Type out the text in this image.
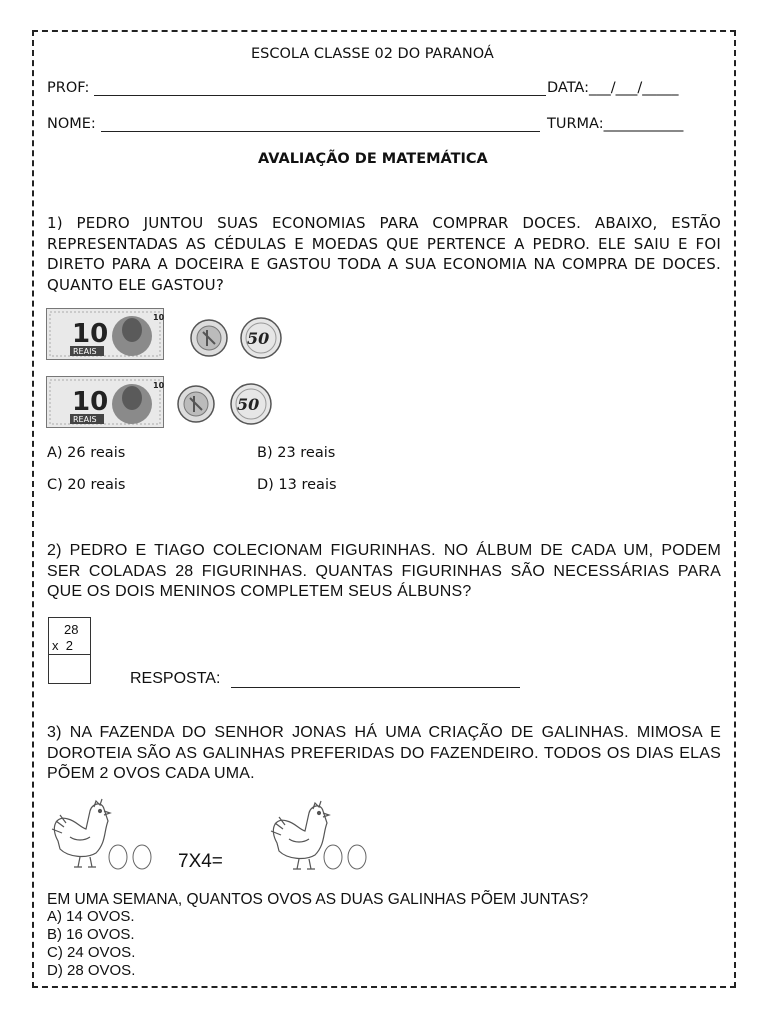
ESCOLA CLASSE 02 DO PARANOÁ
PROF:	DATA:___/___/_____
NOME:	TURMA:___________
AVALIAÇÃO DE MATEMÁTICA
1) PEDRO JUNTOU SUAS ECONOMIAS PARA COMPRAR DOCES. ABAIXO, ESTÃO REPRESENTADAS AS CÉDULAS E MOEDAS QUE PERTENCE A PEDRO. ELE SAIU E FOI DIRETO PARA A DOCEIRA E GASTOU TODA A SUA ECONOMIA NA COMPRA DE DOCES. QUANTO ELE GASTOU?
REAIS
10
10
50
REAIS
10
10
50
A) 26 reais	B) 23 reais
C) 20 reais	D) 13 reais
2) PEDRO E TIAGO COLECIONAM FIGURINHAS. NO ÁLBUM DE CADA UM, PODEM SER COLADAS 28 FIGURINHAS. QUANTAS FIGURINHAS SÃO NECESSÁRIAS PARA QUE OS DOIS MENINOS COMPLETEM SEUS ÁLBUNS?
28
x  2
RESPOSTA:
3) NA FAZENDA DO SENHOR JONAS HÁ UMA CRIAÇÃO DE GALINHAS. MIMOSA E DOROTEIA SÃO AS GALINHAS PREFERIDAS DO FAZENDEIRO. TODOS OS DIAS ELAS PÕEM 2 OVOS CADA UMA.
7X4=
EM UMA SEMANA, QUANTOS OVOS AS DUAS GALINHAS PÕEM JUNTAS?
A) 14 OVOS.
B) 16 OVOS.
C) 24 OVOS.
D) 28 OVOS.
